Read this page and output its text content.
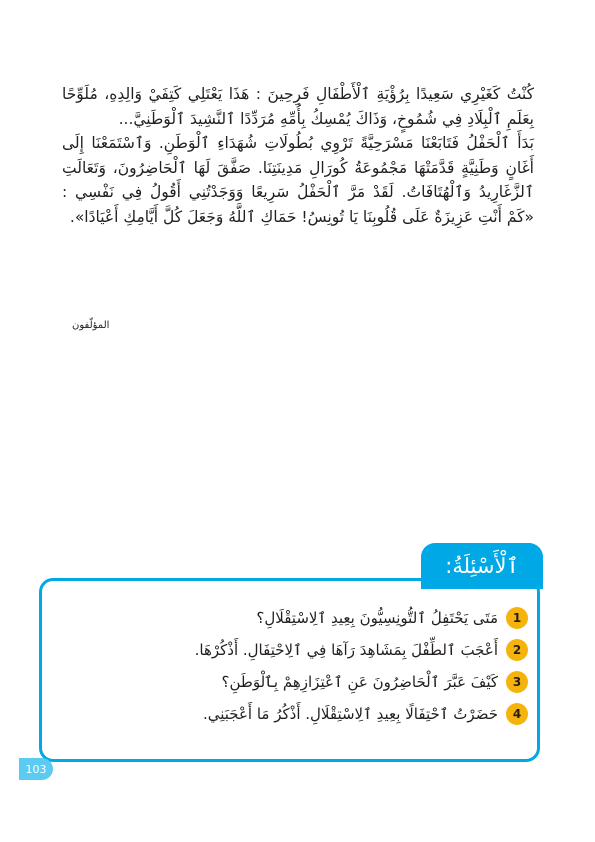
كُنْتُ كَغَيْرِي سَعِيدًا بِرُؤْيَةِ ٱلْأَطْفَالِ فَرِحِينَ : هَذَا يَعْتَلِي كَتِفَيْ وَالِدِهِ، مُلَوِّحًا بِعَلَمِ ٱلْبِلَادِ فِي شُمُوخٍ، وَذَاكَ يُمْسِكُ بِأُمِّهِ مُرَدِّدًا ٱلنَّشِيدَ ٱلْوَطَنِيَّ...

بَدَأَ ٱلْحَفْلُ فَتَابَعْنَا مَسْرَحِيَّةً تَرْوِي بُطُولَاتِ شُهَدَاءِ ٱلْوَطَنِ. وَٱسْتَمَعْنَا إِلَى أَغَانٍ وَطَنِيَّةٍ قَدَّمَتْهَا مَجْمُوعَةُ كُورَالِ مَدِينَتِنَا. صَفَّقَ لَهَا ٱلْحَاضِرُونَ، وَتَعَالَتِ ٱلزَّغَارِيدُ وَٱلْهُتَافَاتُ. لَقَدْ مَرَّ ٱلْحَفْلُ سَرِيعًا وَوَجَدْتُنِي أَقُولُ فِي نَفْسِي : «كَمْ أَنْتِ عَزِيزَةٌ عَلَى قُلُوبِنَا يَا تُونِسُ! حَمَاكِ ٱللَّهُ وَجَعَلَ كُلَّ أَيَّامِكِ أَعْيَادًا».

المؤلّفون
ٱلْأَسْئِلَةُ:
1
مَتَى يَحْتَفِلُ ٱلتُّونِسِيُّونَ بِعِيدِ ٱلِاسْتِقْلَالِ؟
2
أَعْجَبَ ٱلطِّفْلَ بِمَشَاهِدَ رَآهَا فِي ٱلِاحْتِفَالِ. أَذْكُرْهَا.
3
كَيْفَ عَبَّرَ ٱلْحَاضِرُونَ عَنِ ٱعْتِزَازِهِمْ بِٱلْوَطَنِ؟
4
حَضَرْتُ ٱحْتِفَالًا بِعِيدِ ٱلِاسْتِقْلَالِ. أَذْكُرُ مَا أَعْجَبَنِي.
103
